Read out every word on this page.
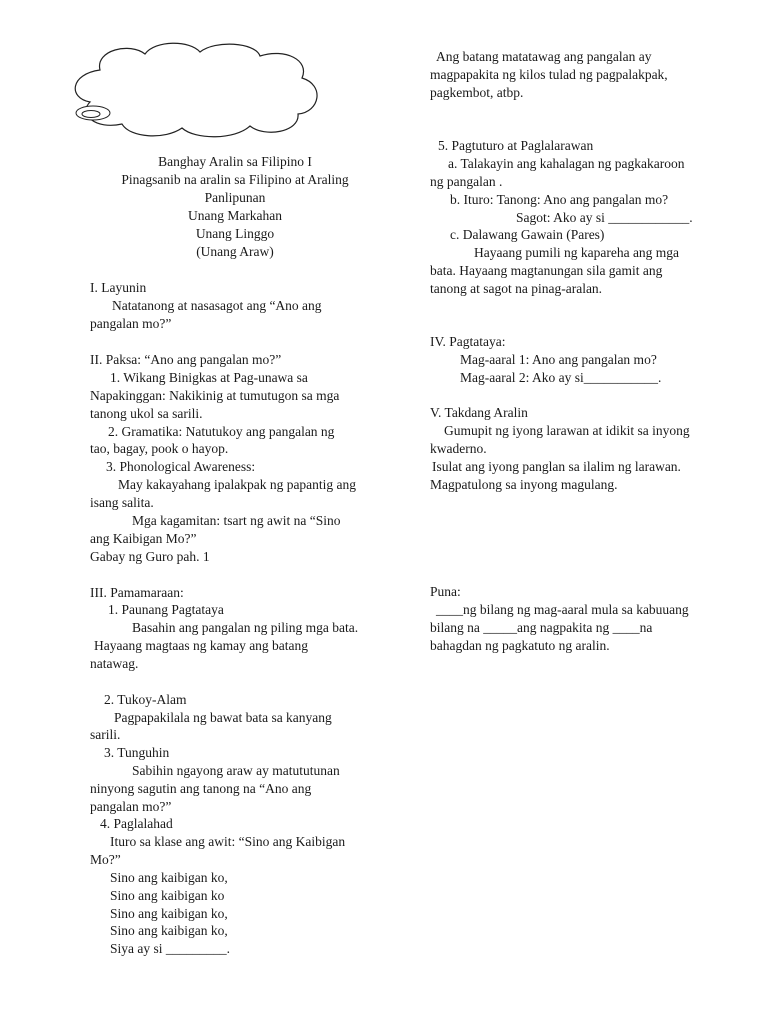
Banghay Aralin sa Filipino I
Pinagsanib na aralin sa Filipino at Araling
Panlipunan
Unang Markahan
Unang Linggo
(Unang Araw)
I. Layunin
Natatanong at nasasagot ang “Ano ang
pangalan mo?”
II. Paksa: “Ano ang pangalan mo?”
1. Wikang Binigkas at Pag-unawa sa
Napakinggan: Nakikinig at tumutugon sa mga
tanong ukol sa sarili.
2. Gramatika: Natutukoy ang pangalan ng
tao, bagay, pook o hayop.
3. Phonological Awareness:
May kakayahang ipalakpak ng papantig ang
isang salita.
Mga kagamitan: tsart ng awit na “Sino
ang Kaibigan Mo?”
Gabay ng Guro pah. 1
III. Pamamaraan:
1. Paunang Pagtataya
Basahin ang pangalan ng piling mga bata.
Hayaang magtaas ng kamay ang batang
natawag.
2. Tukoy-Alam
Pagpapakilala ng bawat bata sa kanyang
sarili.
3. Tunguhin
Sabihin ngayong araw ay matututunan
ninyong sagutin ang tanong na “Ano ang
pangalan mo?”
4. Paglalahad
Ituro sa klase ang awit: “Sino ang Kaibigan
Mo?”
Sino ang kaibigan ko,
Sino ang kaibigan ko
Sino ang kaibigan ko,
Sino ang kaibigan ko,
Siya ay si _________.
Ang batang matatawag ang pangalan ay
magpapakita ng kilos tulad ng pagpalakpak,
pagkembot, atbp.
5. Pagtuturo at Paglalarawan
a. Talakayin ang kahalagan ng pagkakaroon
ng pangalan .
b. Ituro: Tanong: Ano ang pangalan mo?
Sagot: Ako ay si ____________.
c. Dalawang Gawain (Pares)
Hayaang pumili ng kapareha ang mga
bata. Hayaang magtanungan sila gamit ang
tanong at sagot na pinag-aralan.
IV. Pagtataya:
Mag-aaral 1: Ano ang pangalan mo?
Mag-aaral 2: Ako ay si___________.
V. Takdang Aralin
Gumupit ng iyong larawan at idikit sa inyong
kwaderno.
Isulat ang iyong panglan sa ilalim ng larawan.
Magpatulong sa inyong magulang.
Puna:
____ng bilang ng mag-aaral mula sa kabuuang
bilang na _____ang nagpakita ng ____na
bahagdan ng pagkatuto ng aralin.
